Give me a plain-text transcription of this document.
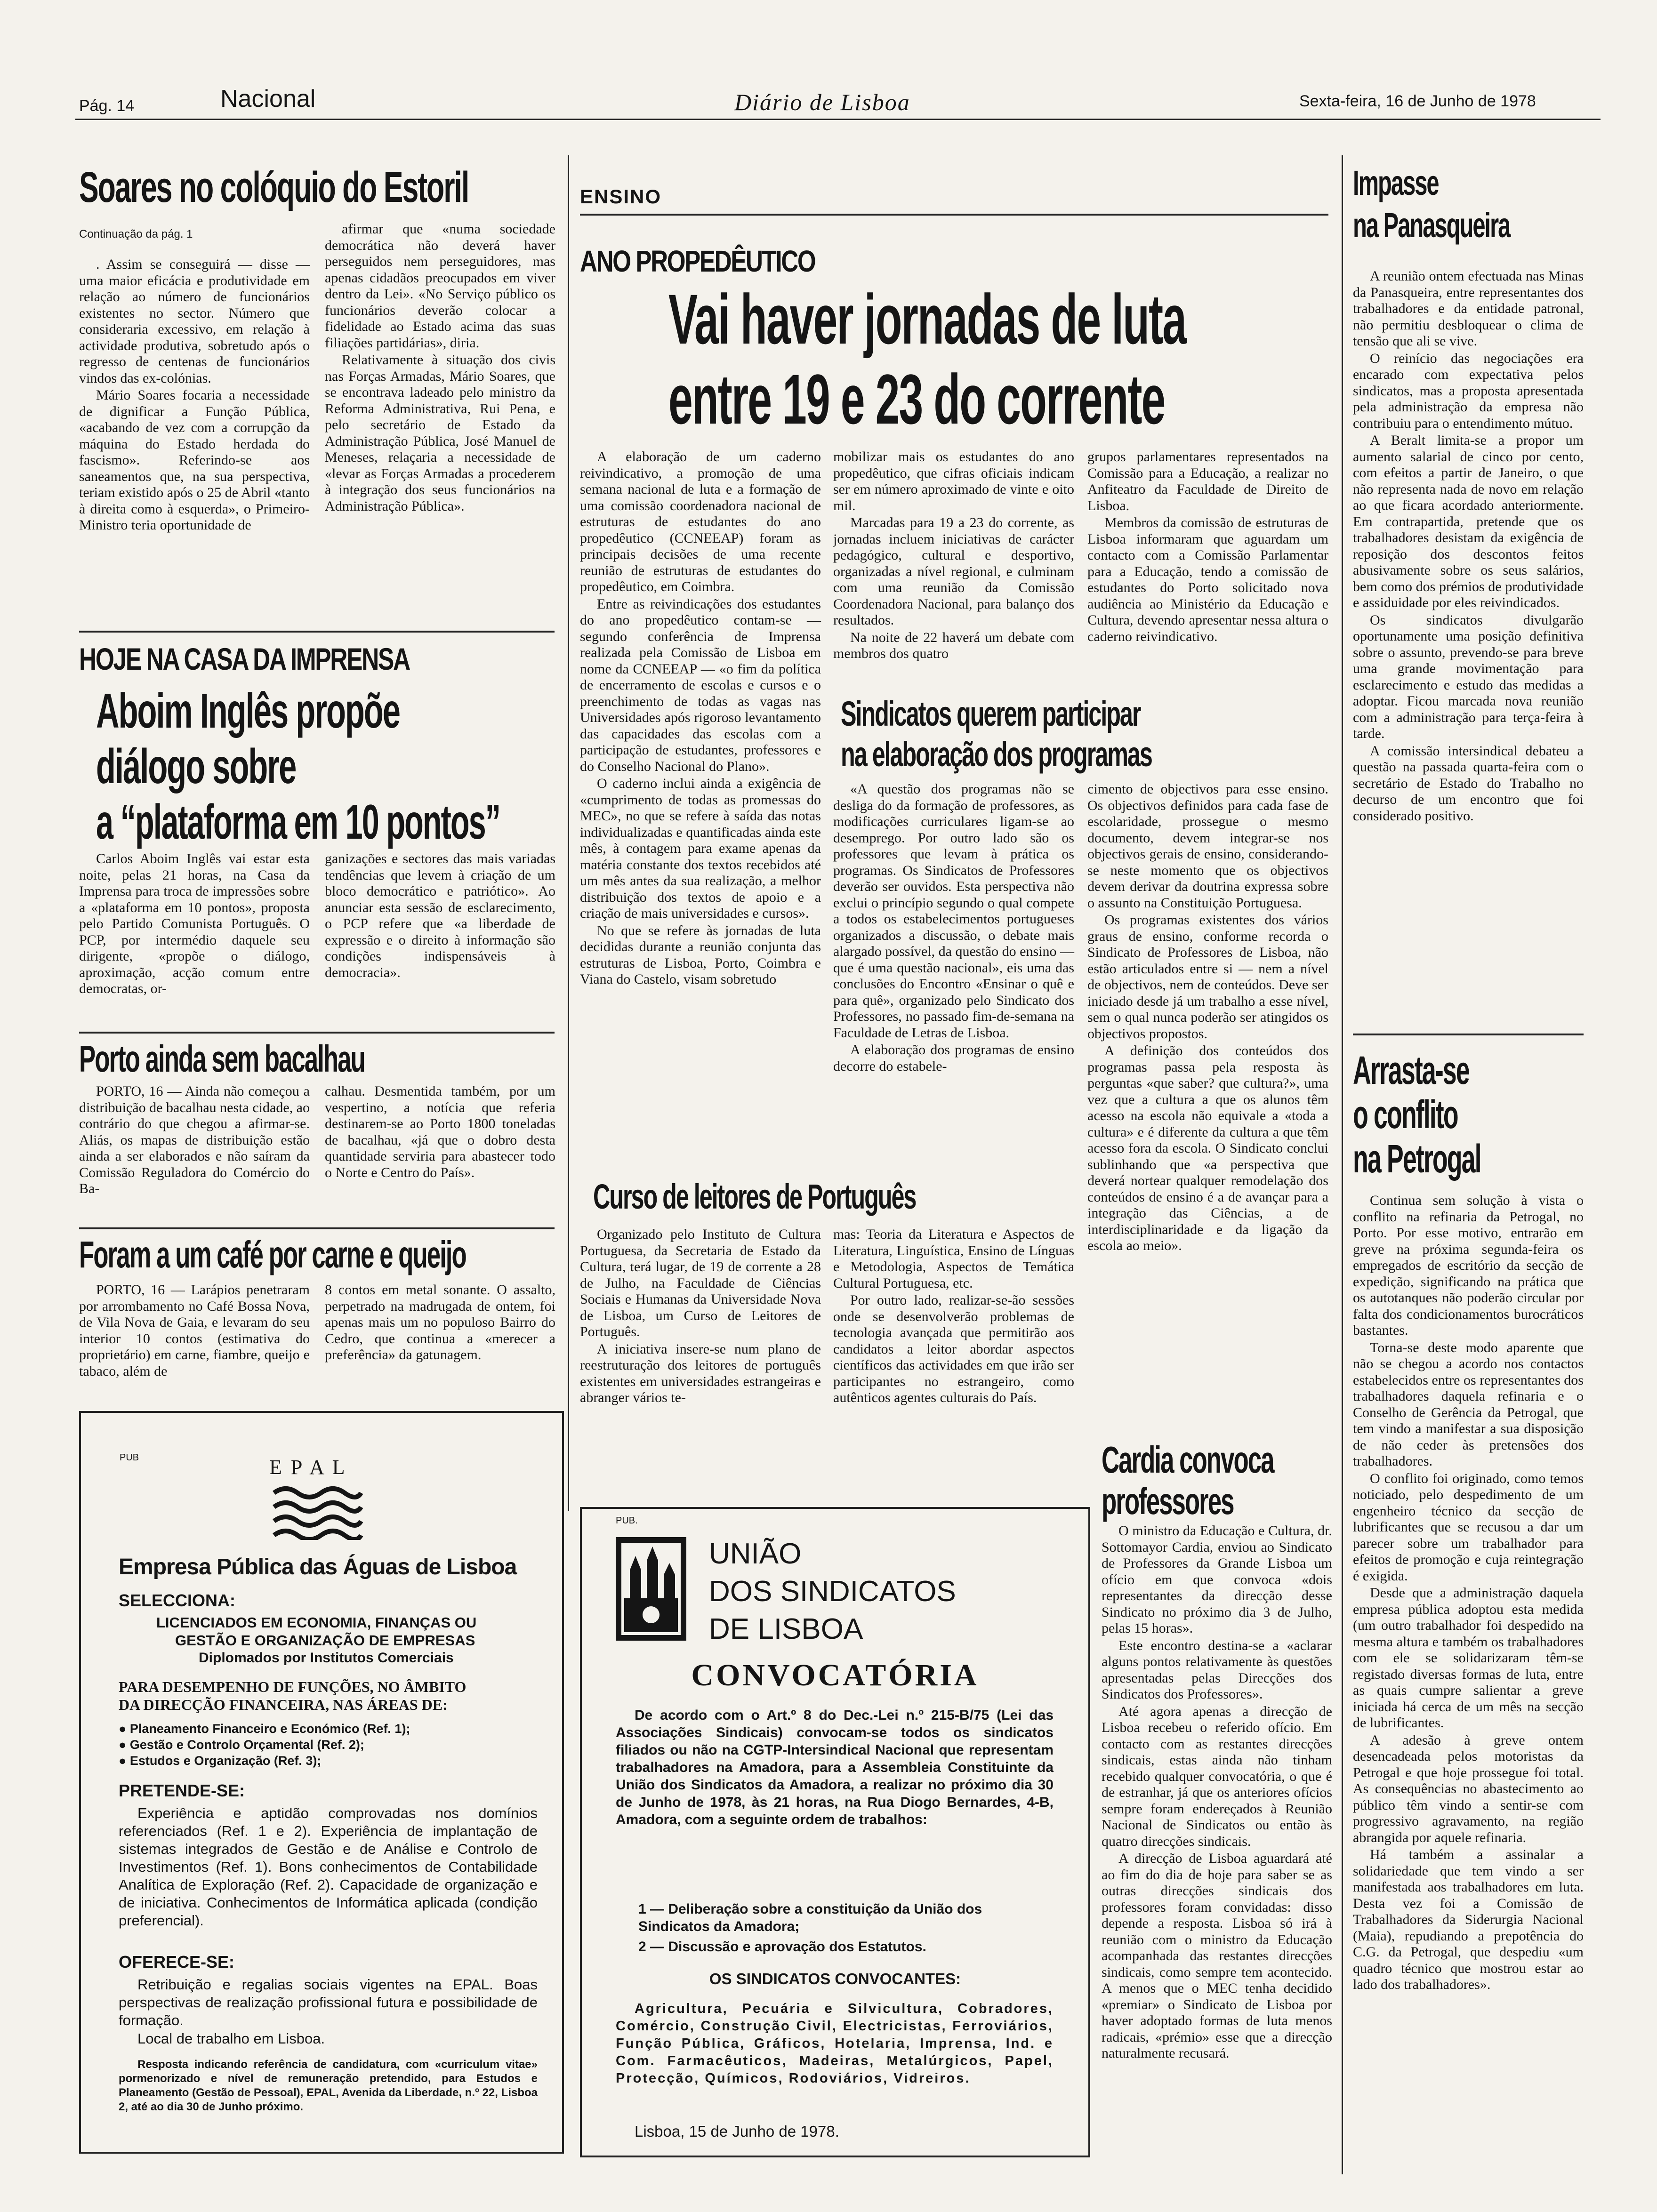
Pág. 14	Nacional	Diário de Lisboa	Sexta-feira, 16 de Junho de 1978
Soares no colóquio do Estoril
Continuação da pág. 1

. Assim se conseguirá — disse — uma maior eficácia e produtividade em relação ao número de funcionários existentes no sector. Número que consideraria excessivo, em relação à actividade produtiva, sobretudo após o regresso de centenas de funcionários vindos das ex-colónias.

Mário Soares focaria a necessidade de dignificar a Função Pública, «acabando de vez com a corrupção da máquina do Estado herdada do fascismo». Referindo-se aos saneamentos que, na sua perspectiva, teriam existido após o 25 de Abril «tanto à direita como à esquerda», o Primeiro-Ministro teria oportunidade de

afirmar que «numa sociedade democrática não deverá haver perseguidos nem perseguidores, mas apenas cidadãos preocupados em viver dentro da Lei». «No Serviço público os funcionários deverão colocar a fidelidade ao Estado acima das suas filiações partidárias», diria.

Relativamente à situação dos civis nas Forças Armadas, Mário Soares, que se encontrava ladeado pelo ministro da Reforma Administrativa, Rui Pena, e pelo secretário de Estado da Administração Pública, José Manuel de Meneses, relaçaria a necessidade de «levar as Forças Armadas a procederem à integração dos seus funcionários na Administração Pública».

HOJE NA CASA DA IMPRENSA
Aboim Inglês propõe
diálogo sobre
a “plataforma em 10 pontos”

Carlos Aboim Inglês vai estar esta noite, pelas 21 horas, na Casa da Imprensa para troca de impressões sobre a «plataforma em 10 pontos», proposta pelo Partido Comunista Português. O PCP, por intermédio daquele seu dirigente, «propõe o diálogo, aproximação, acção comum entre democratas, or-

ganizações e sectores das mais variadas tendências que levem à criação de um bloco democrático e patriótico». Ao anunciar esta sessão de esclarecimento, o PCP refere que «a liberdade de expressão e o direito à informação são condições indispensáveis à democracia».

Porto ainda sem bacalhau

PORTO, 16 — Ainda não começou a distribuição de bacalhau nesta cidade, ao contrário do que chegou a afirmar-se. Aliás, os mapas de distribuição estão ainda a ser elaborados e não saíram da Comissão Reguladora do Comércio do Ba-

calhau. Desmentida também, por um vespertino, a notícia que referia destinarem-se ao Porto 1800 toneladas de bacalhau, «já que o dobro desta quantidade serviria para abastecer todo o Norte e Centro do País».

Foram a um café por carne e queijo

PORTO, 16 — Larápios penetraram por arrombamento no Café Bossa Nova, de Vila Nova de Gaia, e levaram do seu interior 10 contos (estimativa do proprietário) em carne, fiambre, queijo e tabaco, além de

8 contos em metal sonante. O assalto, perpetrado na madrugada de ontem, foi apenas mais um no populoso Bairro do Cedro, que continua a «merecer a preferência» da gatunagem.

PUB	E P A L
Empresa Pública das Águas de Lisboa
SELECCIONA:
LICENCIADOS EM ECONOMIA, FINANÇAS OU
GESTÃO E ORGANIZAÇÃO DE EMPRESAS
Diplomados por Institutos Comerciais
PARA DESEMPENHO DE FUNÇÕES, NO ÂMBITO
DA DIRECÇÃO FINANCEIRA, NAS ÁREAS DE:
● Planeamento Financeiro e Económico (Ref. 1);
● Gestão e Controlo Orçamental (Ref. 2);
● Estudos e Organização (Ref. 3);
PRETENDE-SE:
Experiência e aptidão comprovadas nos domínios referenciados (Ref. 1 e 2). Experiência de implantação de sistemas integrados de Gestão e de Análise e Controlo de Investimentos (Ref. 1). Bons conhecimentos de Contabilidade Analítica de Exploração (Ref. 2). Capacidade de organização e de iniciativa. Conhecimentos de Informática aplicada (condição preferencial).
OFERECE-SE:
Retribuição e regalias sociais vigentes na EPAL. Boas perspectivas de realização profissional futura e possibilidade de formação.
Local de trabalho em Lisboa.
Resposta indicando referência de candidatura, com «curriculum vitae» pormenorizado e nível de remuneração pretendido, para Estudos e Planeamento (Gestão de Pessoal), EPAL, Avenida da Liberdade, n.º 22, Lisboa 2, até ao dia 30 de Junho próximo.
ENSINO
ANO PROPEDÊUTICO
Vai haver jornadas de luta
entre 19 e 23 do corrente

A elaboração de um caderno reivindicativo, a promoção de uma semana nacional de luta e a formação de uma comissão coordenadora nacional de estruturas de estudantes do ano propedêutico (CCNEEAP) foram as principais decisões de uma recente reunião de estruturas de estudantes do propedêutico, em Coimbra.

Entre as reivindicações dos estudantes do ano propedêutico contam-se — segundo conferência de Imprensa realizada pela Comissão de Lisboa em nome da CCNEEAP — «o fim da política de encerramento de escolas e cursos e o preenchimento de todas as vagas nas Universidades após rigoroso levantamento das capacidades das escolas com a participação de estudantes, professores e do Conselho Nacional do Plano».

O caderno inclui ainda a exigência de «cumprimento de todas as promessas do MEC», no que se refere à saída das notas individualizadas e quantificadas ainda este mês, à contagem para exame apenas da matéria constante dos textos recebidos até um mês antes da sua realização, a melhor distribuição dos textos de apoio e a criação de mais universidades e cursos».

No que se refere às jornadas de luta decididas durante a reunião conjunta das estruturas de Lisboa, Porto, Coimbra e Viana do Castelo, visam sobretudo

mobilizar mais os estudantes do ano propedêutico, que cifras oficiais indicam ser em número aproximado de vinte e oito mil.

Marcadas para 19 a 23 do corrente, as jornadas incluem iniciativas de carácter pedagógico, cultural e desportivo, organizadas a nível regional, e culminam com uma reunião da Comissão Coordenadora Nacional, para balanço dos resultados.

Na noite de 22 haverá um debate com membros dos quatro

grupos parlamentares representados na Comissão para a Educação, a realizar no Anfiteatro da Faculdade de Direito de Lisboa.

Membros da comissão de estruturas de Lisboa informaram que aguardam um contacto com a Comissão Parlamentar para a Educação, tendo a comissão de estudantes do Porto solicitado nova audiência ao Ministério da Educação e Cultura, devendo apresentar nessa altura o caderno reivindicativo.

Sindicatos querem participar
na elaboração dos programas

«A questão dos programas não se desliga do da formação de professores, as modificações curriculares ligam-se ao desemprego. Por outro lado são os professores que levam à prática os programas. Os Sindicatos de Professores deverão ser ouvidos. Esta perspectiva não exclui o princípio segundo o qual compete a todos os estabelecimentos portugueses organizados a discussão, o debate mais alargado possível, da questão do ensino — que é uma questão nacional», eis uma das conclusões do Encontro «Ensinar o quê e para quê», organizado pelo Sindicato dos Professores, no passado fim-de-semana na Faculdade de Letras de Lisboa.

A elaboração dos programas de ensino decorre do estabele-

cimento de objectivos para esse ensino. Os objectivos definidos para cada fase de escolaridade, prossegue o mesmo documento, devem integrar-se nos objectivos gerais de ensino, considerando-se neste momento que os objectivos devem derivar da doutrina expressa sobre o assunto na Constituição Portuguesa.

Os programas existentes dos vários graus de ensino, conforme recorda o Sindicato de Professores de Lisboa, não estão articulados entre si — nem a nível de objectivos, nem de conteúdos. Deve ser iniciado desde já um trabalho a esse nível, sem o qual nunca poderão ser atingidos os objectivos propostos.

A definição dos conteúdos dos programas passa pela resposta às perguntas «que saber? que cultura?», uma vez que a cultura a que os alunos têm acesso na escola não equivale a «toda a cultura» e é diferente da cultura a que têm acesso fora da escola. O Sindicato conclui sublinhando que «a perspectiva que deverá nortear qualquer remodelação dos conteúdos de ensino é a de avançar para a integração das Ciências, a de interdisciplinaridade e da ligação da escola ao meio».

Curso de leitores de Português

Organizado pelo Instituto de Cultura Portuguesa, da Secretaria de Estado da Cultura, terá lugar, de 19 de corrente a 28 de Julho, na Faculdade de Ciências Sociais e Humanas da Universidade Nova de Lisboa, um Curso de Leitores de Português.

A iniciativa insere-se num plano de reestruturação dos leitores de português existentes em universidades estrangeiras e abranger vários te-

mas: Teoria da Literatura e Aspectos de Literatura, Linguística, Ensino de Línguas e Metodologia, Aspectos de Temática Cultural Portuguesa, etc.

Por outro lado, realizar-se-ão sessões onde se desenvolverão problemas de tecnologia avançada que permitirão aos candidatos a leitor abordar aspectos científicos das actividades em que irão ser participantes no estrangeiro, como autênticos agentes culturais do País.

PUB.
UNIÃO
DOS SINDICATOS
DE LISBOA
CONVOCATÓRIA
De acordo com o Art.º 8 do Dec.-Lei n.º 215-B/75 (Lei das Associações Sindicais) convocam-se todos os sindicatos filiados ou não na CGTP-Intersindical Nacional que representam trabalhadores na Amadora, para a Assembleia Constituinte da União dos Sindicatos da Amadora, a realizar no próximo dia 30 de Junho de 1978, às 21 horas, na Rua Diogo Bernardes, 4-B, Amadora, com a seguinte ordem de trabalhos:
1 — Deliberação sobre a constituição da União dos Sindicatos da Amadora;
2 — Discussão e aprovação dos Estatutos.
OS SINDICATOS CONVOCANTES:
Agricultura, Pecuária e Silvicultura, Cobradores, Comércio, Construção Civil, Electricistas, Ferroviários, Função Pública, Gráficos, Hotelaria, Imprensa, Ind. e Com. Farmacêuticos, Madeiras, Metalúrgicos, Papel, Protecção, Químicos, Rodoviários, Vidreiros.
Lisboa, 15 de Junho de 1978.
Cardia convoca
professores

O ministro da Educação e Cultura, dr. Sottomayor Cardia, enviou ao Sindicato de Professores da Grande Lisboa um ofício em que convoca «dois representantes da direcção desse Sindicato no próximo dia 3 de Julho, pelas 15 horas».

Este encontro destina-se a «aclarar alguns pontos relativamente às questões apresentadas pelas Direcções dos Sindicatos dos Professores».

Até agora apenas a direcção de Lisboa recebeu o referido ofício. Em contacto com as restantes direcções sindicais, estas ainda não tinham recebido qualquer convocatória, o que é de estranhar, já que os anteriores ofícios sempre foram endereçados à Reunião Nacional de Sindicatos ou então às quatro direcções sindicais.

A direcção de Lisboa aguardará até ao fim do dia de hoje para saber se as outras direcções sindicais dos professores foram convidadas: disso depende a resposta. Lisboa só irá à reunião com o ministro da Educação acompanhada das restantes direcções sindicais, como sempre tem acontecido. A menos que o MEC tenha decidido «premiar» o Sindicato de Lisboa por haver adoptado formas de luta menos radicais, «prémio» esse que a direcção naturalmente recusará.

Impasse
na Panasqueira

A reunião ontem efectuada nas Minas da Panasqueira, entre representantes dos trabalhadores e da entidade patronal, não permitiu desbloquear o clima de tensão que ali se vive.

O reinício das negociações era encarado com expectativa pelos sindicatos, mas a proposta apresentada pela administração da empresa não contribuiu para o entendimento mútuo.

A Beralt limita-se a propor um aumento salarial de cinco por cento, com efeitos a partir de Janeiro, o que não representa nada de novo em relação ao que ficara acordado anteriormente. Em contrapartida, pretende que os trabalhadores desistam da exigência de reposição dos descontos feitos abusivamente sobre os seus salários, bem como dos prémios de produtividade e assiduidade por eles reivindicados.

Os sindicatos divulgarão oportunamente uma posição definitiva sobre o assunto, prevendo-se para breve uma grande movimentação para esclarecimento e estudo das medidas a adoptar. Ficou marcada nova reunião com a administração para terça-feira à tarde.

A comissão intersindical debateu a questão na passada quarta-feira com o secretário de Estado do Trabalho no decurso de um encontro que foi considerado positivo.

Arrasta-se
o conflito
na Petrogal

Continua sem solução à vista o conflito na refinaria da Petrogal, no Porto. Por esse motivo, entrarão em greve na próxima segunda-feira os empregados de escritório da secção de expedição, significando na prática que os autotanques não poderão circular por falta dos condicionamentos burocráticos bastantes.

Torna-se deste modo aparente que não se chegou a acordo nos contactos estabelecidos entre os representantes dos trabalhadores daquela refinaria e o Conselho de Gerência da Petrogal, que tem vindo a manifestar a sua disposição de não ceder às pretensões dos trabalhadores.

O conflito foi originado, como temos noticiado, pelo despedimento de um engenheiro técnico da secção de lubrificantes que se recusou a dar um parecer sobre um trabalhador para efeitos de promoção e cuja reintegração é exigida.

Desde que a administração daquela empresa pública adoptou esta medida (um outro trabalhador foi despedido na mesma altura e também os trabalhadores com ele se solidarizaram têm-se registado diversas formas de luta, entre as quais cumpre salientar a greve iniciada há cerca de um mês na secção de lubrificantes.

A adesão à greve ontem desencadeada pelos motoristas da Petrogal e que hoje prossegue foi total. As consequências no abastecimento ao público têm vindo a sentir-se com progressivo agravamento, na região abrangida por aquele refinaria.

Há também a assinalar a solidariedade que tem vindo a ser manifestada aos trabalhadores em luta. Desta vez foi a Comissão de Trabalhadores da Siderurgia Nacional (Maia), repudiando a prepotência do C.G. da Petrogal, que despediu «um quadro técnico que mostrou estar ao lado dos trabalhadores».
